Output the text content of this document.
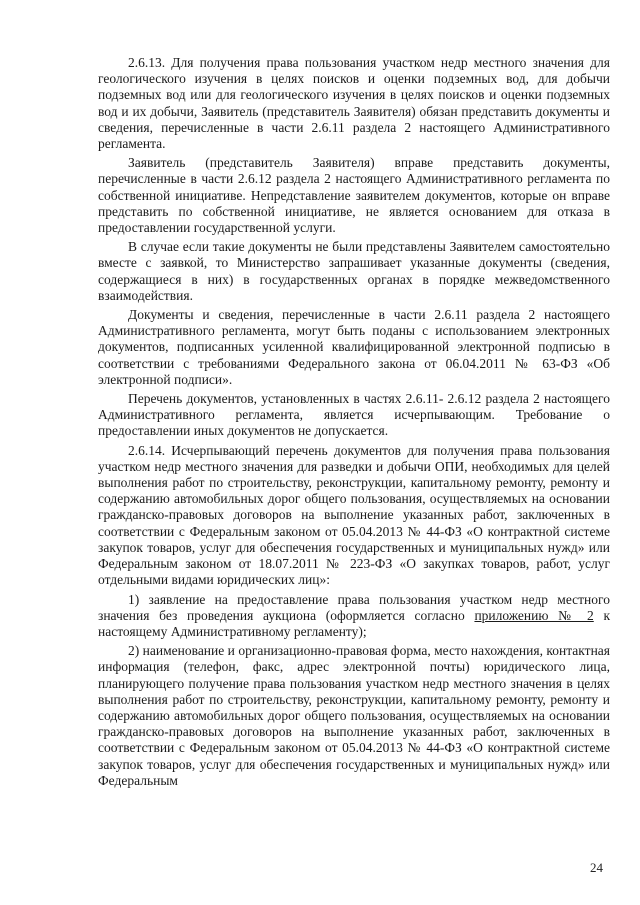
2.6.13. Для получения права пользования участком недр местного значения для геологического изучения в целях поисков и оценки подземных вод, для добычи подземных вод или для геологического изучения в целях поисков и оценки подземных вод и их добычи, Заявитель (представитель Заявителя) обязан представить документы и сведения, перечисленные в части 2.6.11 раздела 2 настоящего Административного регламента.

Заявитель (представитель Заявителя) вправе представить документы, перечисленные в части 2.6.12 раздела 2 настоящего Административного регламента по собственной инициативе. Непредставление заявителем документов, которые он вправе представить по собственной инициативе, не является основанием для отказа в предоставлении государственной услуги.

В случае если такие документы не были представлены Заявителем самостоятельно вместе с заявкой, то Министерство запрашивает указанные документы (сведения, содержащиеся в них) в государственных органах в порядке межведомственного взаимодействия.

Документы и сведения, перечисленные в части 2.6.11 раздела 2 настоящего Административного регламента, могут быть поданы с использованием электронных документов, подписанных усиленной квалифицированной электронной подписью в соответствии с требованиями Федерального закона от 06.04.2011 № 63-ФЗ «Об электронной подписи».

Перечень документов, установленных в частях 2.6.11- 2.6.12 раздела 2 настоящего Административного регламента, является исчерпывающим. Требование о предоставлении иных документов не допускается.

2.6.14. Исчерпывающий перечень документов для получения права пользования участком недр местного значения для разведки и добычи ОПИ, необходимых для целей выполнения работ по строительству, реконструкции, капитальному ремонту, ремонту и содержанию автомобильных дорог общего пользования, осуществляемых на основании гражданско-правовых договоров на выполнение указанных работ, заключенных в соответствии с Федеральным законом от 05.04.2013 № 44-ФЗ «О контрактной системе закупок товаров, услуг для обеспечения государственных и муниципальных нужд» или Федеральным законом от 18.07.2011 № 223-ФЗ «О закупках товаров, работ, услуг отдельными видами юридических лиц»:

1) заявление на предоставление права пользования участком недр местного значения без проведения аукциона (оформляется согласно приложению № 2 к настоящему Административному регламенту);

2) наименование и организационно-правовая форма, место нахождения, контактная информация (телефон, факс, адрес электронной почты) юридического лица, планирующего получение права пользования участком недр местного значения в целях выполнения работ по строительству, реконструкции, капитальному ремонту, ремонту и содержанию автомобильных дорог общего пользования, осуществляемых на основании гражданско-правовых договоров на выполнение указанных работ, заключенных в соответствии с Федеральным законом от 05.04.2013 № 44-ФЗ «О контрактной системе закупок товаров, услуг для обеспечения государственных и муниципальных нужд» или Федеральным

24
